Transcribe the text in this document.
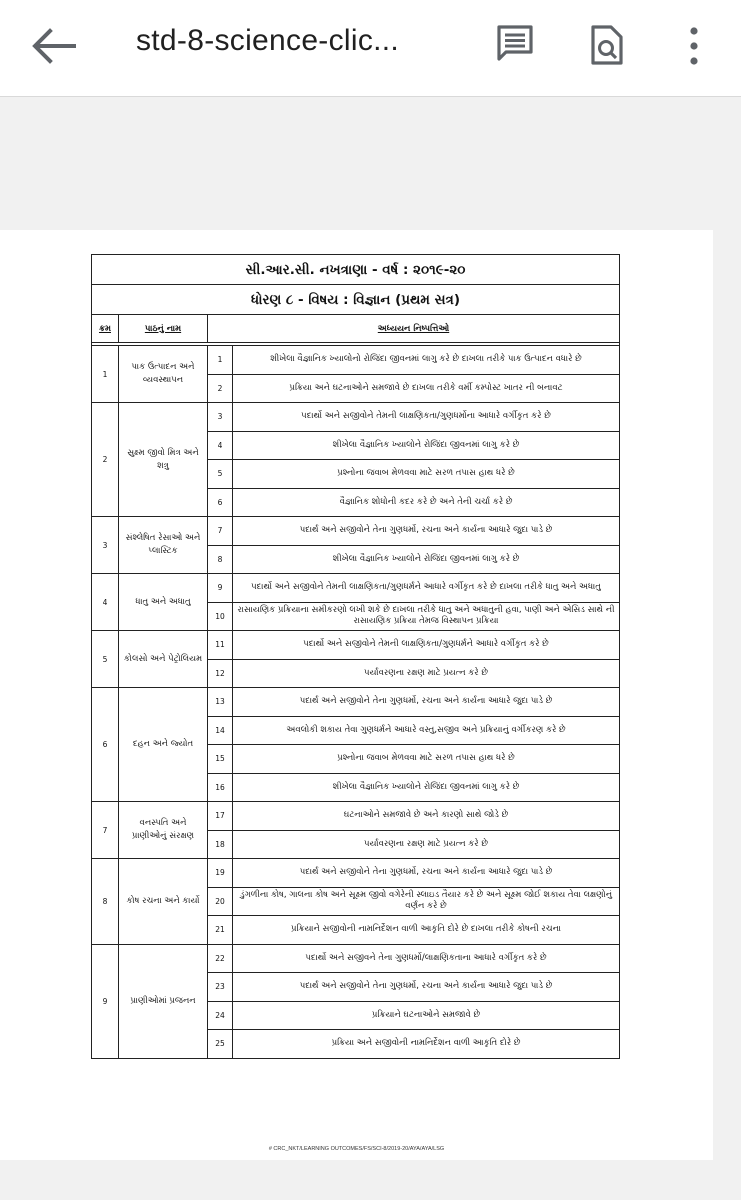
std-8-science-clic...
સી.આર.સી. નખત્રાણા - વર્ષ : ૨૦૧૯-૨૦			
ધોરણ ૮ - વિષય : વિજ્ઞાન (પ્રથમ સત્ર)			
ક્રમ	પાઠનું નામ	અધ્યયન નિષ્પત્તિઓ	

1	પાક ઉત્પાદન અને વ્યવસ્થાપન	1	શીખેલા વૈજ્ઞાનિક ખ્યાલોનો રોજિંદા જીવનમાં લાગુ કરે છે દાખલા તરીકે પાક ઉત્પાદન વધારે છે
		2	પ્રક્રિયા અને ઘટનાઓને સમજાવે છે દાખલા તરીકે વર્મી કમ્પોસ્ટ ખાતર ની બનાવટ
2	સુક્ષ્મ જીવો મિત્ર અને શત્રુ	3	પદાર્થો અને સજીવોને તેમની લાક્ષણિકતા/ગુણધર્મોના આધારે વર્ગીકૃત કરે છે
		4	શીખેલા વૈજ્ઞાનિક ખ્યાલોને રોજિંદા જીવનમાં લાગુ કરે છે
		5	પ્રશ્નોના જવાબ મેળવવા માટે સરળ તપાસ હાથ ધરે છે
		6	વૈજ્ઞાનિક શોધોની કદર કરે છે અને તેની ચર્ચા કરે છે
3	સંશ્લેષિત રેસાઓ અને પ્લાસ્ટિક	7	પદાર્થ અને સજીવોને તેના ગુણધર્મો, રચના અને કાર્યના આધારે જુદા પાડે છે
		8	શીખેલા વૈજ્ઞાનિક ખ્યાલોને રોજિંદા જીવનમાં લાગુ કરે છે
4	ધાતુ અને અધાતુ	9	પદાર્થો અને સજીવોને તેમની લાક્ષણિકતા/ગુણધર્મને આધારે વર્ગીકૃત કરે છે દાખલા તરીકે ધાતુ અને અધાતુ
		10	રાસાયણિક પ્રક્રિયાના સમીકરણો લખી શકે છે દાખલા તરીકે ધાતુ અને અધાતુની હવા, પાણી અને એસિડ સાથે ની રાસાયણિક પ્રક્રિયા તેમજ વિસ્થાપન પ્રક્રિયા
5	કોલસો અને પેટ્રોલિયમ	11	પદાર્થો અને સજીવોને તેમની લાક્ષણિકતા/ગુણધર્મને આધારે વર્ગીકૃત કરે છે
		12	પર્યાવરણના રક્ષણ માટે પ્રયત્ન કરે છે
6	દહન અને જ્યોત	13	પદાર્થ અને સજીવોને તેના ગુણધર્મો, રચના અને કાર્યના આધારે જુદા પાડે છે
		14	અવલોકી શકાય તેવા ગુણધર્મને આધારે વસ્તુ,સજીવ અને પ્રક્રિયાનું વર્ગીકરણ કરે છે
		15	પ્રશ્નોના જવાબ મેળવવા માટે સરળ તપાસ હાથ ધરે છે
		16	શીખેલા વૈજ્ઞાનિક ખ્યાલોને રોજિંદા જીવનમાં લાગુ કરે છે
7	વનસ્પતિ અને પ્રાણીઓનું સંરક્ષણ	17	ઘટનાઓને સમજાવે છે અને કારણો સાથે જોડે છે
		18	પર્યાવરણના રક્ષણ માટે પ્રયત્ન કરે છે
8	કોષ રચના અને કાર્યો	19	પદાર્થ અને સજીવોને તેના ગુણધર્મો, રચના અને કાર્યના આધારે જુદા પાડે છે
		20	ડુંગળીના કોષ, ગાલના કોષ અને સૂક્ષ્મ જીવો વગેરેની સ્લાઇડ તૈયાર કરે છે અને સૂક્ષ્મ જોઈ શકાય તેવા લક્ષણોનું વર્ણન કરે છે
		21	પ્રક્રિયાને સજીવોની નામનિર્દેશન વાળી આકૃતિ દોરે છે દાખલા તરીકે કોષની રચના
9	પ્રાણીઓમાં પ્રજનન	22	પદાર્થો અને સજીવને તેના ગુણધર્મો/લાક્ષણિકતાના આધારે વર્ગીકૃત કરે છે
		23	પદાર્થ અને સજીવોને તેના ગુણધર્મો, રચના અને કાર્યના આધારે જુદા પાડે છે
		24	પ્રક્રિયાને ઘટનાઓને સમજાવે છે
		25	પ્રક્રિયા અને સજીવોની નામનિર્દેશન વાળી આકૃતિ દોરે છે
# CRC_NKT/LEARNING OUTCOMES/FS/SCI-8/2019-20/AYA/AYA/LSG
